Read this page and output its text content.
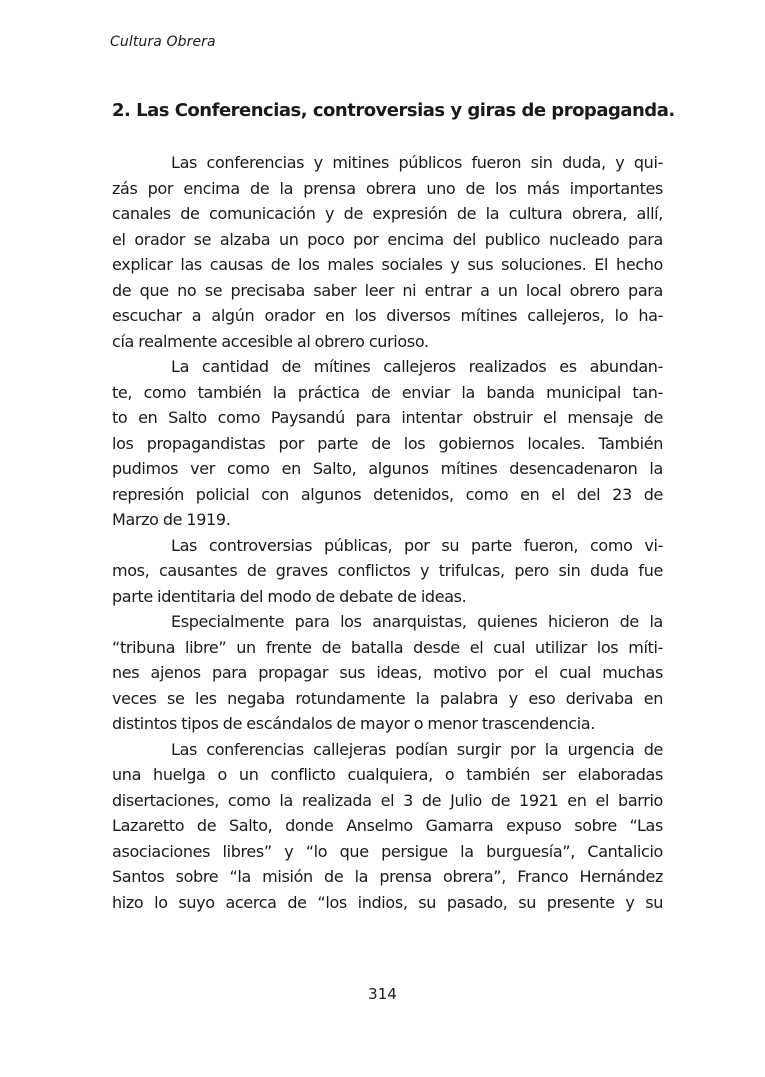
Cultura Obrera
2. Las Conferencias, controversias y giras de propaganda.
Las conferencias y mitines públicos fueron sin duda, y qui-
zás por encima de la prensa obrera uno de los más importantes
canales de comunicación y de expresión de la cultura obrera, allí,
el orador se alzaba un poco por encima del publico nucleado para
explicar las causas de los males sociales y sus soluciones. El hecho
de que no se precisaba saber leer ni entrar a un local obrero para
escuchar a algún orador en los diversos mítines callejeros, lo ha-
cía realmente accesible al obrero curioso.
La cantidad de mítines callejeros realizados es abundan-
te, como también la práctica de enviar la banda municipal tan-
to en Salto como Paysandú para intentar obstruir el mensaje de
los propagandistas por parte de los gobiernos locales. También
pudimos ver como en Salto, algunos mítines desencadenaron la
represión policial con algunos detenidos, como en el del 23 de
Marzo de 1919.
Las controversias públicas, por su parte fueron, como vi-
mos, causantes de graves conflictos y trifulcas, pero sin duda fue
parte identitaria del modo de debate de ideas.
Especialmente para los anarquistas, quienes hicieron de la
“tribuna libre” un frente de batalla desde el cual utilizar los míti-
nes ajenos para propagar sus ideas, motivo por el cual muchas
veces se les negaba rotundamente la palabra y eso derivaba en
distintos tipos de escándalos de mayor o menor trascendencia.
Las conferencias callejeras podían surgir por la urgencia de
una huelga o un conflicto cualquiera, o también ser elaboradas
disertaciones, como la realizada el 3 de Julio de 1921 en el barrio
Lazaretto de Salto, donde Anselmo Gamarra expuso sobre “Las
asociaciones libres” y “lo que persigue la burguesía”, Cantalicio
Santos sobre “la misión de la prensa obrera”, Franco Hernández
hizo lo suyo acerca de “los indios, su pasado, su presente y su
314
